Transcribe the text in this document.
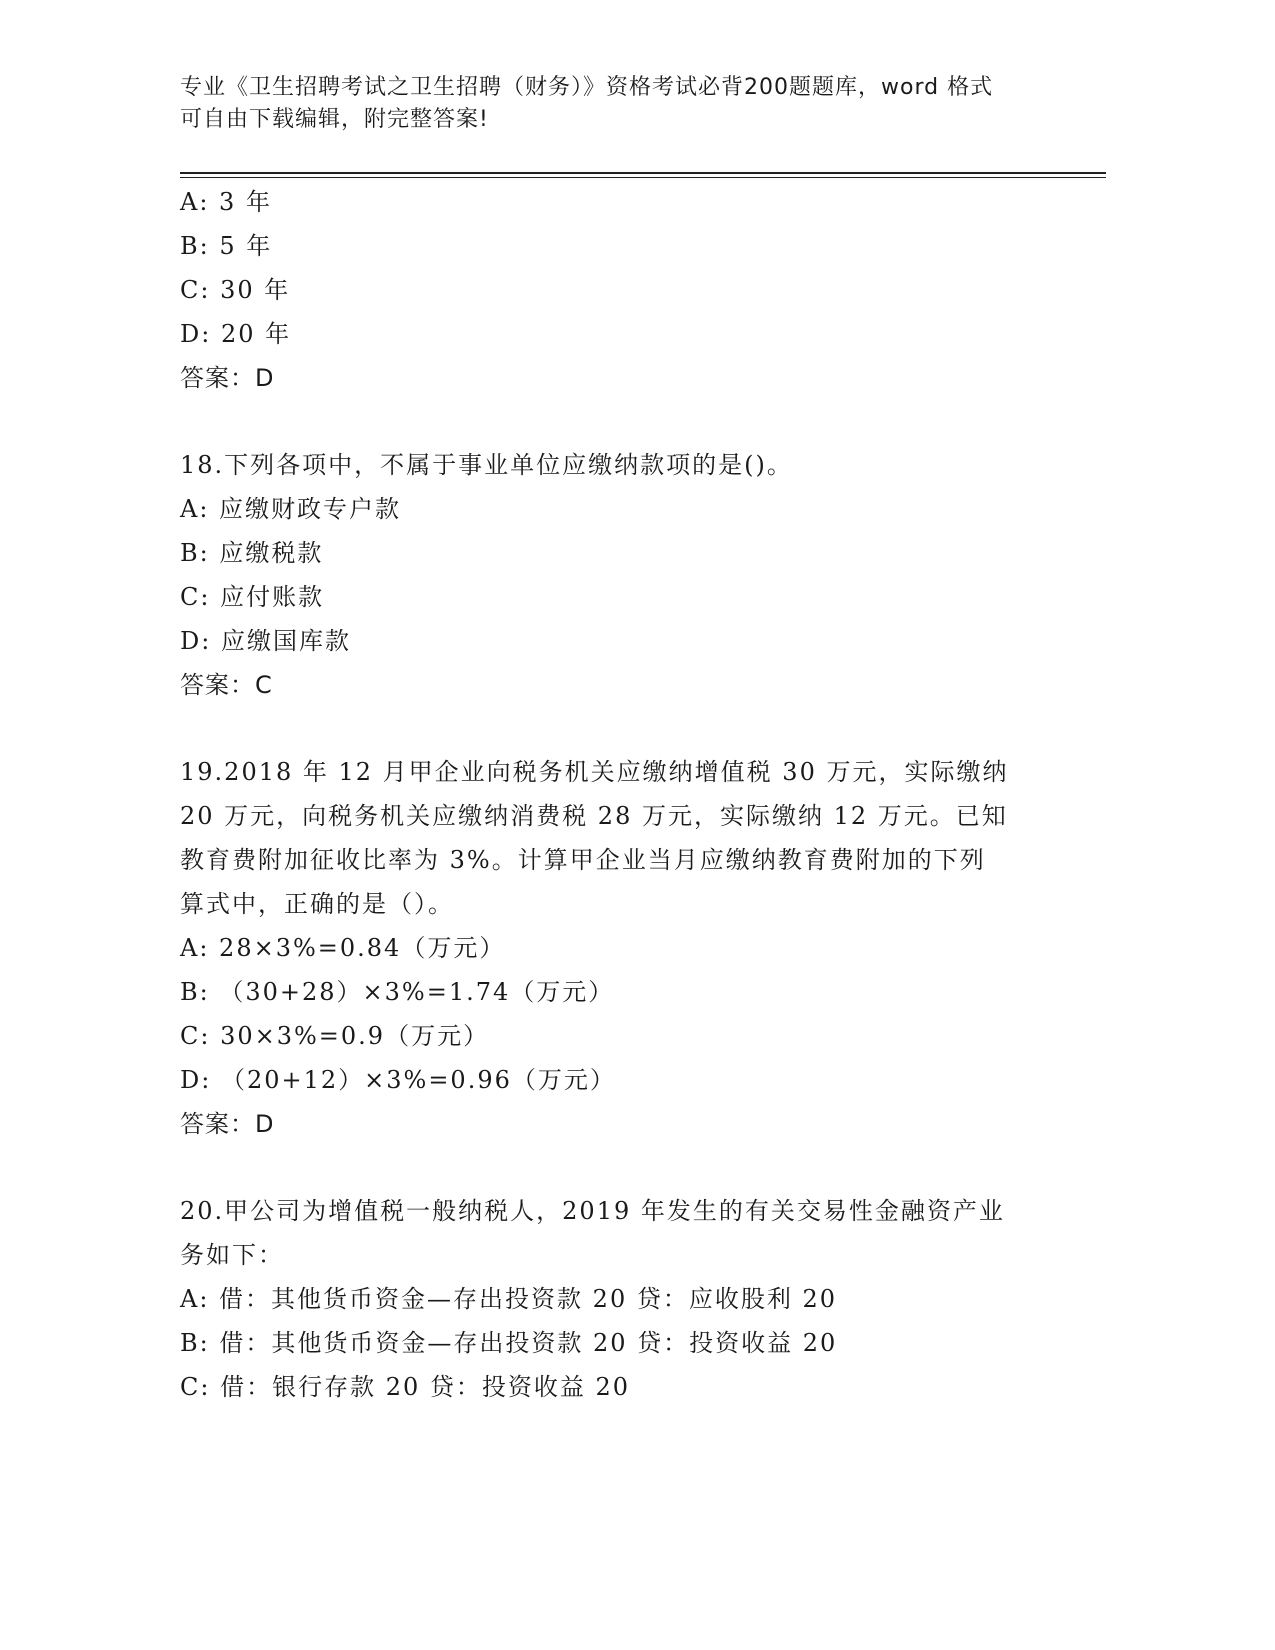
专业《卫生招聘考试之卫生招聘（财务）》资格考试必背200题题库，word 格式
可自由下载编辑，附完整答案!
A: 3 年
B: 5 年
C: 30 年
D: 20 年
答案：D
18.下列各项中，不属于事业单位应缴纳款项的是()。
A: 应缴财政专户款
B: 应缴税款
C: 应付账款
D: 应缴国库款
答案：C
19.2018 年 12 月甲企业向税务机关应缴纳增值税 30 万元，实际缴纳
20 万元，向税务机关应缴纳消费税 28 万元，实际缴纳 12 万元。已知
教育费附加征收比率为 3%。计算甲企业当月应缴纳教育费附加的下列
算式中，正确的是（）。
A: 28×3%=0.84（万元）
B: （30+28）×3%=1.74（万元）
C: 30×3%=0.9（万元）
D: （20+12）×3%=0.96（万元）
答案：D
20.甲公司为增值税一般纳税人，2019 年发生的有关交易性金融资产业
务如下：
A: 借：其他货币资金—存出投资款 20 贷：应收股利 20
B: 借：其他货币资金—存出投资款 20 贷：投资收益 20
C: 借：银行存款 20 贷：投资收益 20
